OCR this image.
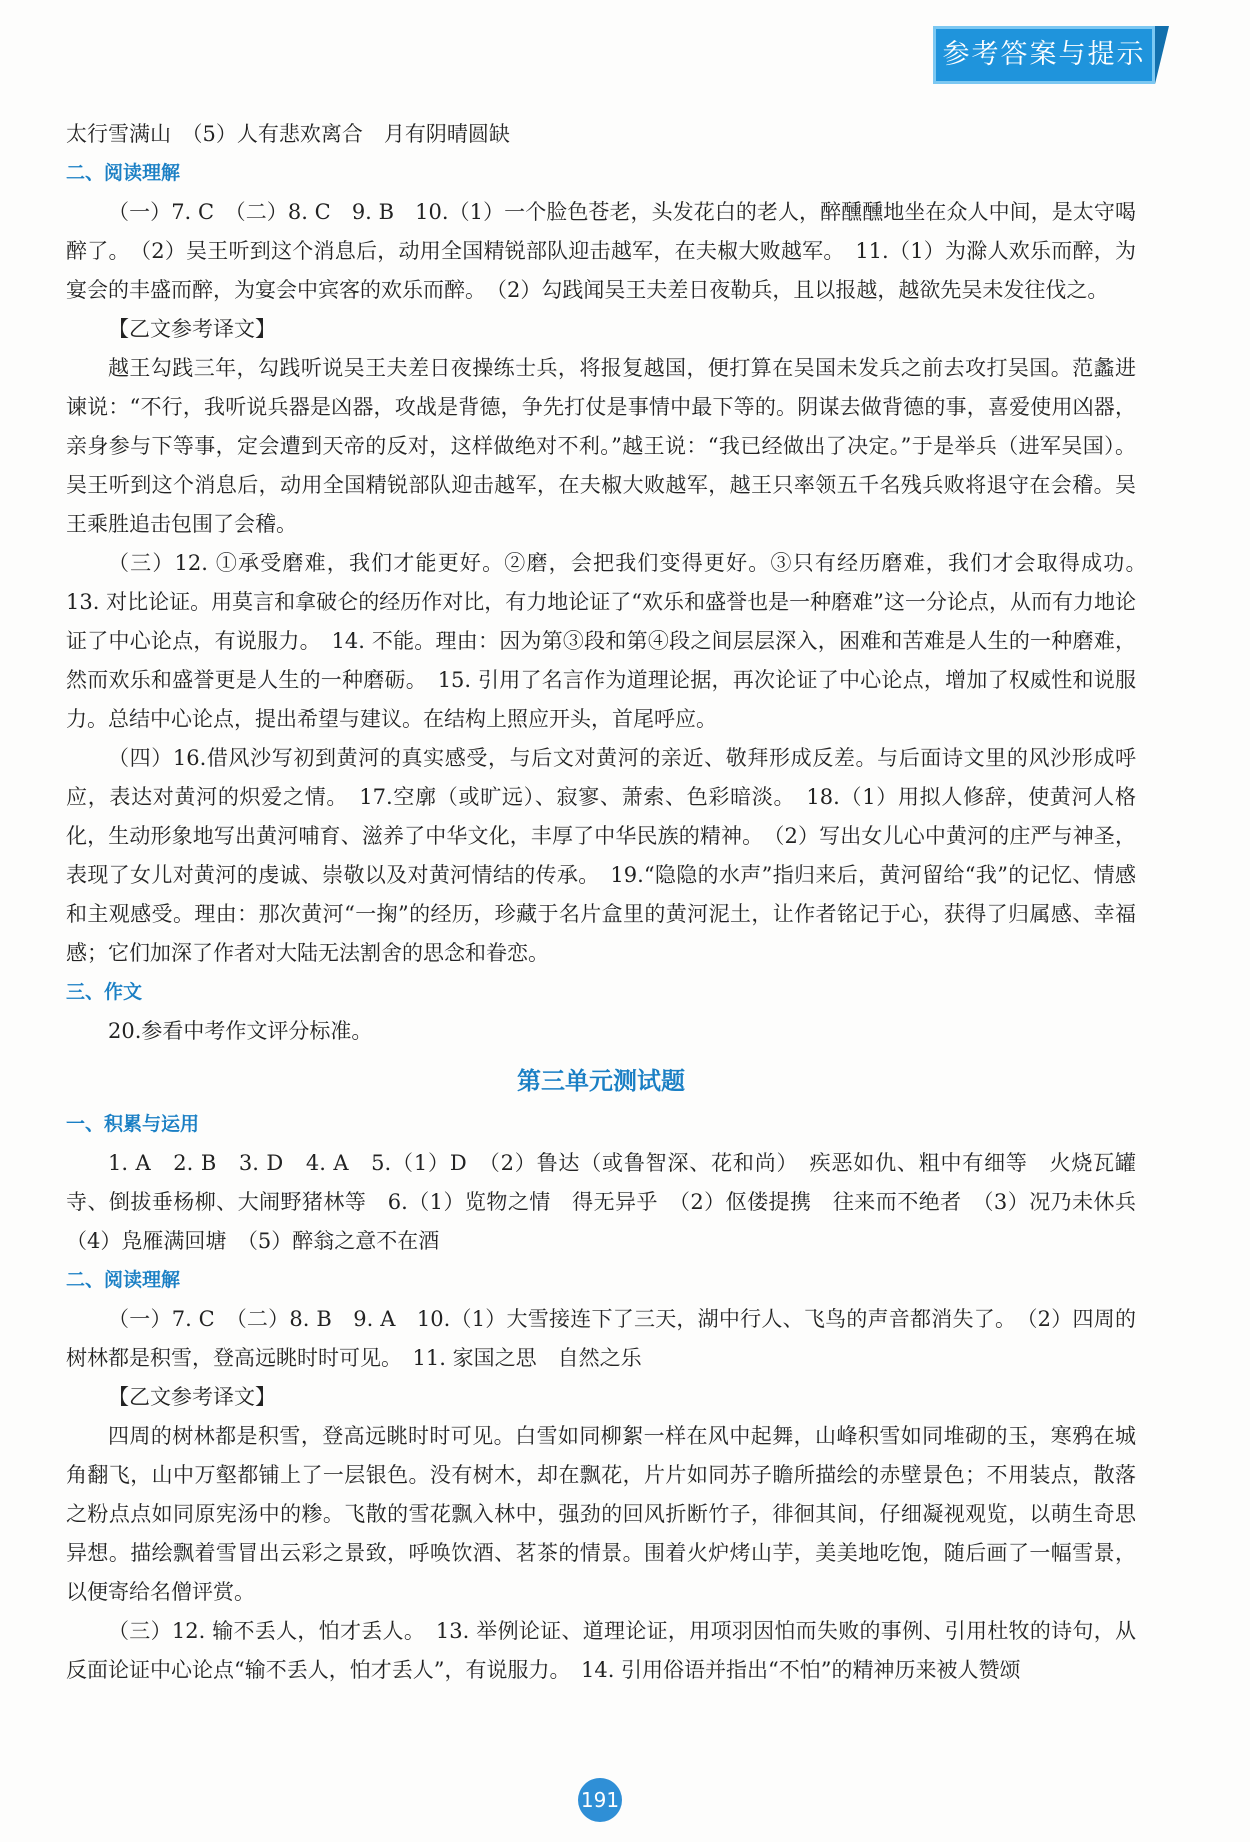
参考答案与提示

太行雪满山　（5）人有悲欢离合　月有阴晴圆缺

二、阅读理解

（一）7. C　（二）8. C　9. B　10.（1）一个脸色苍老，头发花白的老人，醉醺醺地坐在众人中间，是太守喝醉了。　（2）吴王听到这个消息后，动用全国精锐部队迎击越军，在夫椒大败越军。　11.（1）为滁人欢乐而醉，为宴会的丰盛而醉，为宴会中宾客的欢乐而醉。　（2）勾践闻吴王夫差日夜勒兵，且以报越，越欲先吴未发往伐之。

【乙文参考译文】

越王勾践三年，勾践听说吴王夫差日夜操练士兵，将报复越国，便打算在吴国未发兵之前去攻打吴国。范蠡进谏说：“不行，我听说兵器是凶器，攻战是背德，争先打仗是事情中最下等的。阴谋去做背德的事，喜爱使用凶器，亲身参与下等事，定会遭到天帝的反对，这样做绝对不利。”越王说：“我已经做出了决定。”于是举兵（进军吴国）。吴王听到这个消息后，动用全国精锐部队迎击越军，在夫椒大败越军，越王只率领五千名残兵败将退守在会稽。吴王乘胜追击包围了会稽。

（三）12. ①承受磨难，我们才能更好。②磨，会把我们变得更好。③只有经历磨难，我们才会取得成功。　13. 对比论证。用莫言和拿破仑的经历作对比，有力地论证了“欢乐和盛誉也是一种磨难”这一分论点，从而有力地论证了中心论点，有说服力。　14. 不能。理由：因为第③段和第④段之间层层深入，困难和苦难是人生的一种磨难，然而欢乐和盛誉更是人生的一种磨砺。　15. 引用了名言作为道理论据，再次论证了中心论点，增加了权威性和说服力。总结中心论点，提出希望与建议。在结构上照应开头，首尾呼应。

（四）16.借风沙写初到黄河的真实感受，与后文对黄河的亲近、敬拜形成反差。与后面诗文里的风沙形成呼应，表达对黄河的炽爱之情。　17.空廓（或旷远）、寂寥、萧索、色彩暗淡。　18.（1）用拟人修辞，使黄河人格化，生动形象地写出黄河哺育、滋养了中华文化，丰厚了中华民族的精神。　（2）写出女儿心中黄河的庄严与神圣，表现了女儿对黄河的虔诚、崇敬以及对黄河情结的传承。　19.“隐隐的水声”指归来后，黄河留给“我”的记忆、情感和主观感受。理由：那次黄河“一掬”的经历，珍藏于名片盒里的黄河泥土，让作者铭记于心，获得了归属感、幸福感；它们加深了作者对大陆无法割舍的思念和眷恋。

三、作文

20.参看中考作文评分标准。

第三单元测试题
一、积累与运用

1. A　2. B　3. D　4. A　5.（1）D　（2）鲁达（或鲁智深、花和尚）　疾恶如仇、粗中有细等　火烧瓦罐寺、倒拔垂杨柳、大闹野猪林等　6.（1）览物之情　得无异乎　（2）伛偻提携　往来而不绝者　（3）况乃未休兵　（4）凫雁满回塘　（5）醉翁之意不在酒

二、阅读理解

（一）7. C　（二）8. B　9. A　10.（1）大雪接连下了三天，湖中行人、飞鸟的声音都消失了。　（2）四周的树林都是积雪，登高远眺时时可见。　11. 家国之思　自然之乐

【乙文参考译文】

四周的树林都是积雪，登高远眺时时可见。白雪如同柳絮一样在风中起舞，山峰积雪如同堆砌的玉，寒鸦在城角翻飞，山中万壑都铺上了一层银色。没有树木，却在飘花，片片如同苏子瞻所描绘的赤壁景色；不用装点，散落之粉点点如同原宪汤中的糁。飞散的雪花飘入林中，强劲的回风折断竹子，徘徊其间，仔细凝视观览，以萌生奇思异想。描绘飘着雪冒出云彩之景致，呼唤饮酒、茗茶的情景。围着火炉烤山芋，美美地吃饱，随后画了一幅雪景，以便寄给名僧评赏。

（三）12. 输不丢人，怕才丢人。　13. 举例论证、道理论证，用项羽因怕而失败的事例、引用杜牧的诗句，从反面论证中心论点“输不丢人，怕才丢人”，有说服力。　14. 引用俗语并指出“不怕”的精神历来被人赞颂

191
